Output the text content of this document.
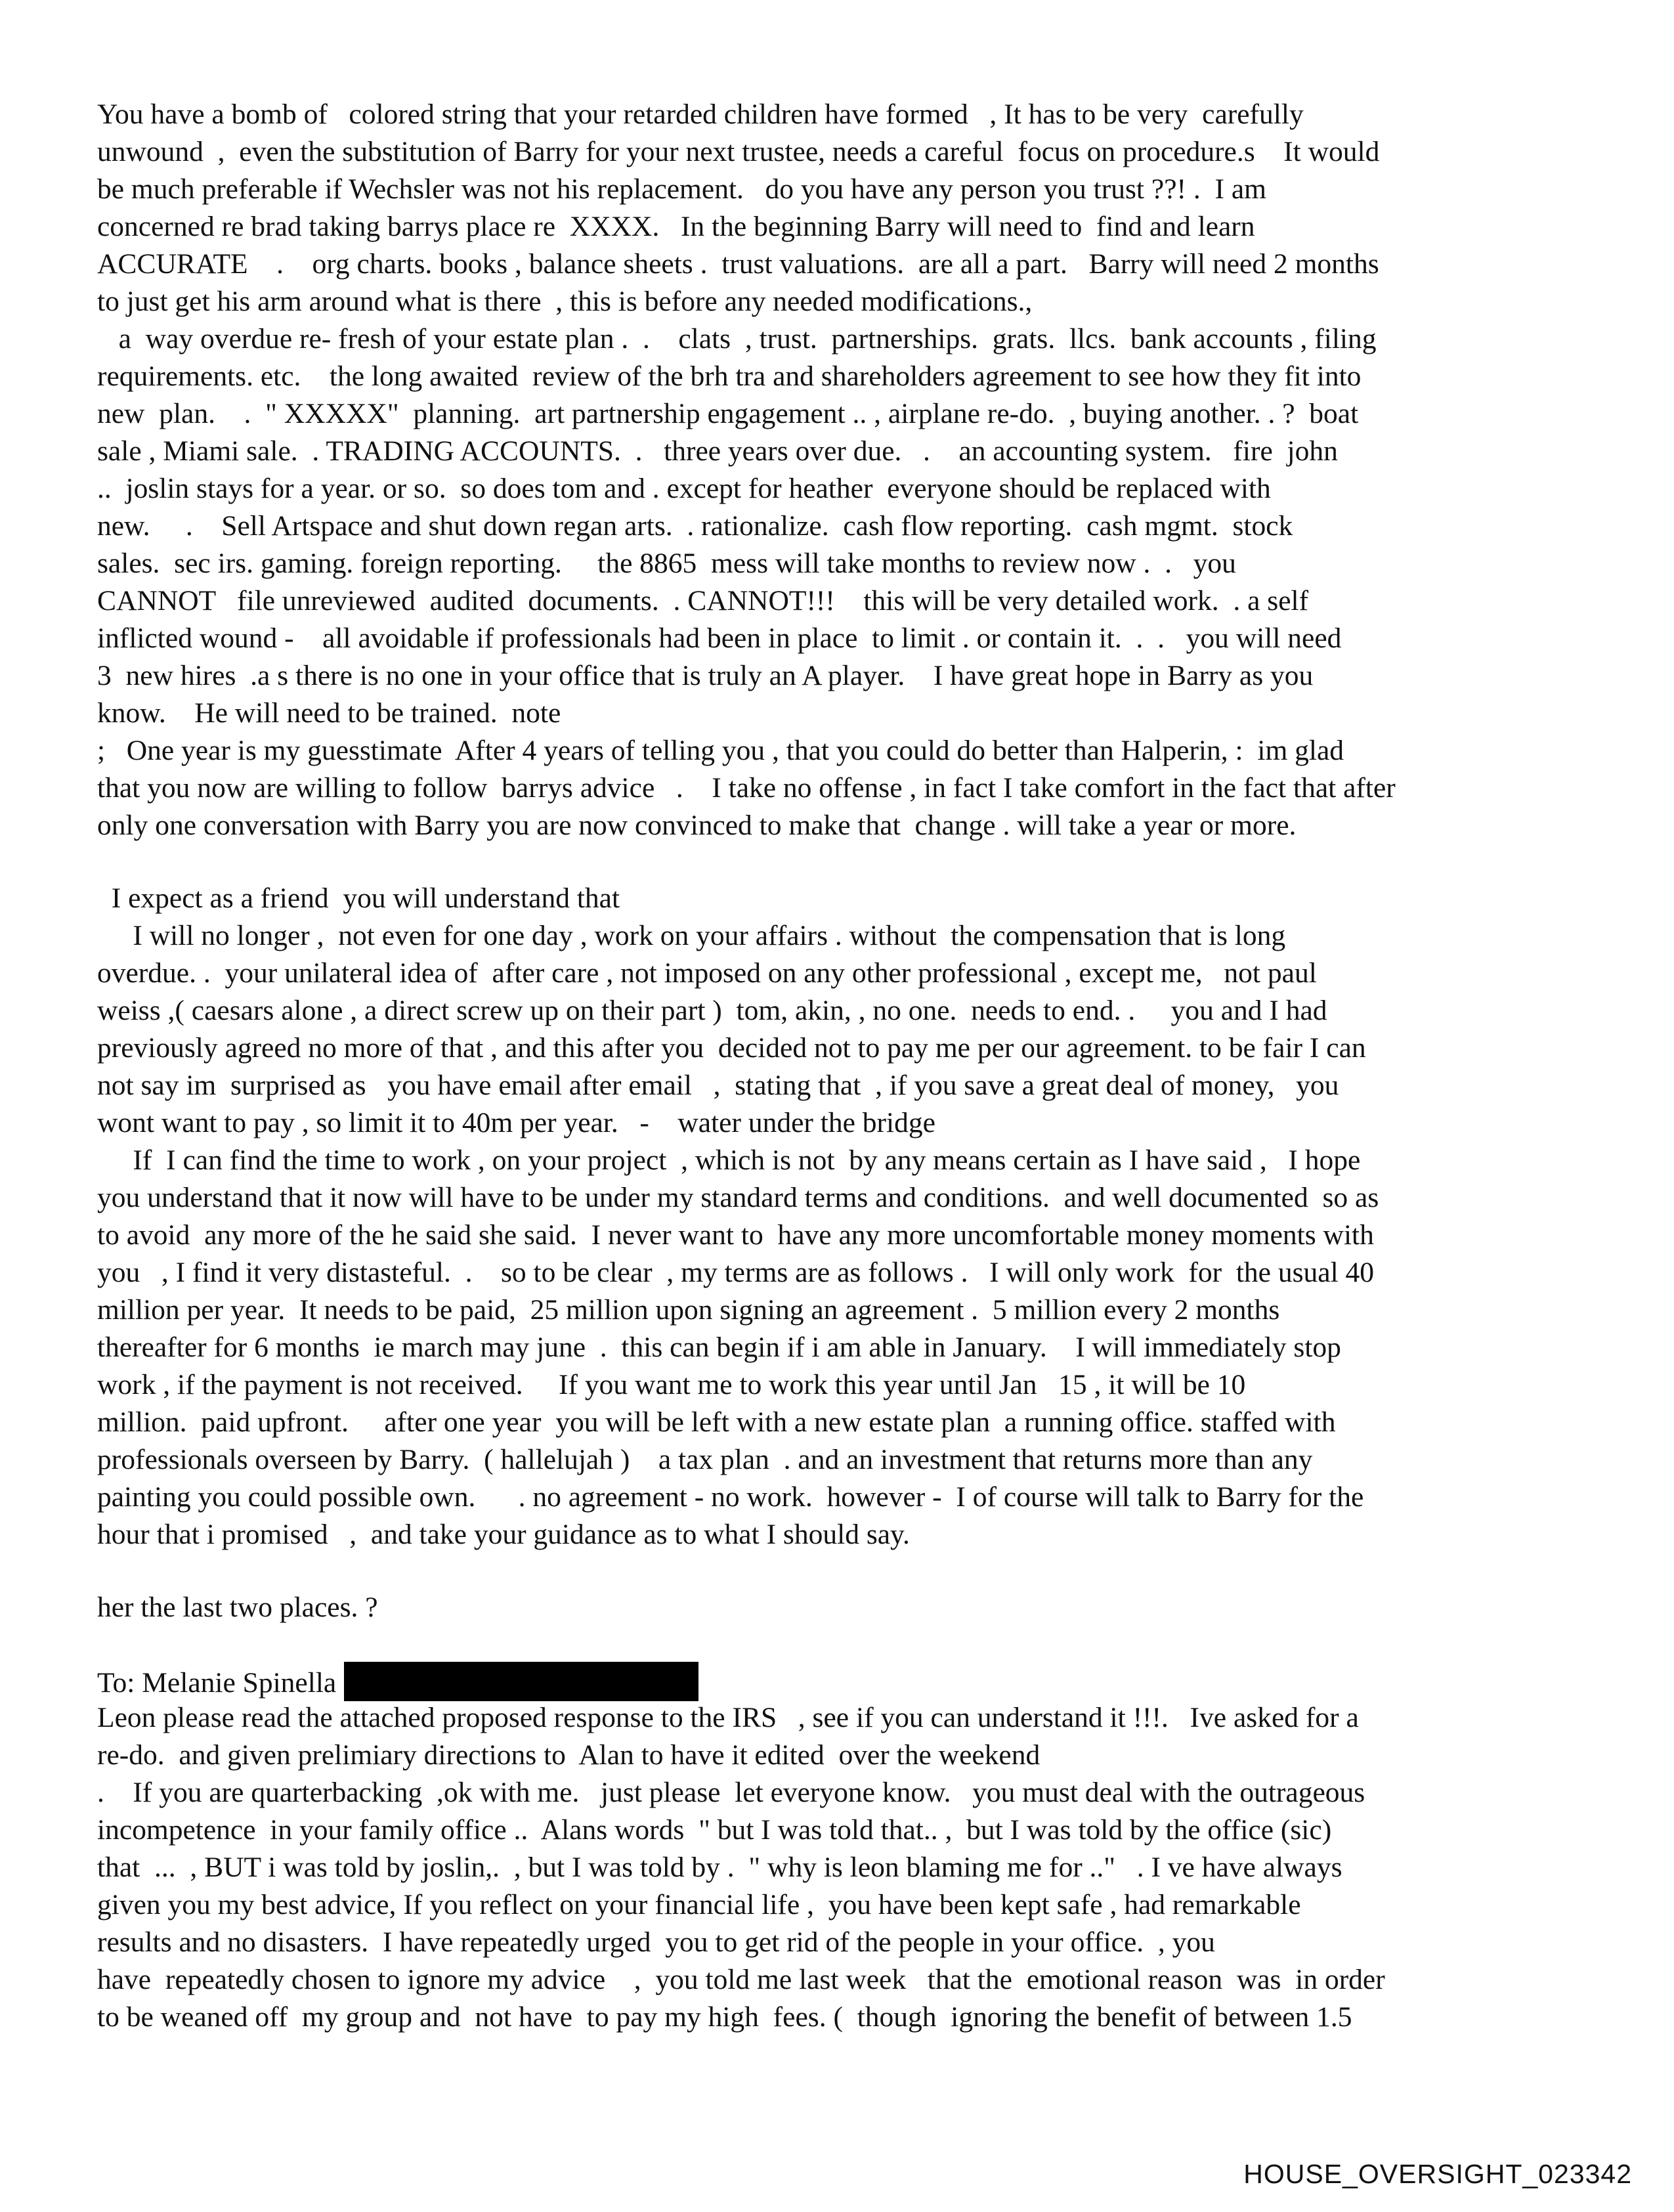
You have a bomb of   colored string that your retarded children have formed   , It has to be very  carefully
unwound  ,  even the substitution of Barry for your next trustee, needs a careful  focus on procedure.s    It would
be much preferable if Wechsler was not his replacement.   do you have any person you trust ??! .  I am
concerned re brad taking barrys place re  XXXX.   In the beginning Barry will need to  find and learn
ACCURATE    .    org charts. books , balance sheets .  trust valuations.  are all a part.   Barry will need 2 months
to just get his arm around what is there  , this is before any needed modifications.,
a  way overdue re- fresh of your estate plan .  .    clats  , trust.  partnerships.  grats.  llcs.  bank accounts , filing
requirements. etc.    the long awaited  review of the brh tra and shareholders agreement to see how they fit into
new  plan.    .  " XXXXX"  planning.  art partnership engagement .. , airplane re-do.  , buying another. . ?  boat
sale , Miami sale.  . TRADING ACCOUNTS.  .   three years over due.   .    an accounting system.   fire  john
..  joslin stays for a year. or so.  so does tom and . except for heather  everyone should be replaced with
new.     .    Sell Artspace and shut down regan arts.  . rationalize.  cash flow reporting.  cash mgmt.  stock
sales.  sec irs. gaming. foreign reporting.     the 8865  mess will take months to review now .  .   you
CANNOT   file unreviewed  audited  documents.  . CANNOT!!!    this will be very detailed work.  . a self
inflicted wound -    all avoidable if professionals had been in place  to limit . or contain it.  .  .   you will need
3  new hires  .a s there is no one in your office that is truly an A player.    I have great hope in Barry as you
know.    He will need to be trained.  note
;   One year is my guesstimate  After 4 years of telling you , that you could do better than Halperin, :  im glad
that you now are willing to follow  barrys advice   .    I take no offense , in fact I take comfort in the fact that after
only one conversation with Barry you are now convinced to make that  change . will take a year or more.
I expect as a friend  you will understand that
I will no longer ,  not even for one day , work on your affairs . without  the compensation that is long
overdue. .  your unilateral idea of  after care , not imposed on any other professional , except me,   not paul
weiss ,( caesars alone , a direct screw up on their part )  tom, akin, , no one.  needs to end. .     you and I had
previously agreed no more of that , and this after you  decided not to pay me per our agreement. to be fair I can
not say im  surprised as   you have email after email   ,  stating that  , if you save a great deal of money,   you
wont want to pay , so limit it to 40m per year.   -    water under the bridge
If  I can find the time to work , on your project  , which is not  by any means certain as I have said ,   I hope
you understand that it now will have to be under my standard terms and conditions.  and well documented  so as
to avoid  any more of the he said she said.  I never want to  have any more uncomfortable money moments with
you   , I find it very distasteful.  .    so to be clear  , my terms are as follows .   I will only work  for  the usual 40
million per year.  It needs to be paid,  25 million upon signing an agreement .  5 million every 2 months
thereafter for 6 months  ie march may june  .  this can begin if i am able in January.    I will immediately stop
work , if the payment is not received.     If you want me to work this year until Jan   15 , it will be 10
million.  paid upfront.     after one year  you will be left with a new estate plan  a running office. staffed with
professionals overseen by Barry.  ( hallelujah )    a tax plan  . and an investment that returns more than any
painting you could possible own.      . no agreement - no work.  however -  I of course will talk to Barry for the
hour that i promised   ,  and take your guidance as to what I should say.
her the last two places. ?
To: Melanie Spinella
Leon please read the attached proposed response to the IRS   , see if you can understand it !!!.   Ive asked for a
re-do.  and given prelimiary directions to  Alan to have it edited  over the weekend
.    If you are quarterbacking  ,ok with me.   just please  let everyone know.   you must deal with the outrageous
incompetence  in your family office ..  Alans words  " but I was told that.. ,  but I was told by the office (sic)
that  ...  , BUT i was told by joslin,.  , but I was told by .  " why is leon blaming me for .."   . I ve have always
given you my best advice, If you reflect on your financial life ,  you have been kept safe , had remarkable
results and no disasters.  I have repeatedly urged  you to get rid of the people in your office.  , you
have  repeatedly chosen to ignore my advice    ,  you told me last week   that the  emotional reason  was  in order
to be weaned off  my group and  not have  to pay my high  fees. (  though  ignoring the benefit of between 1.5
HOUSE_OVERSIGHT_023342
